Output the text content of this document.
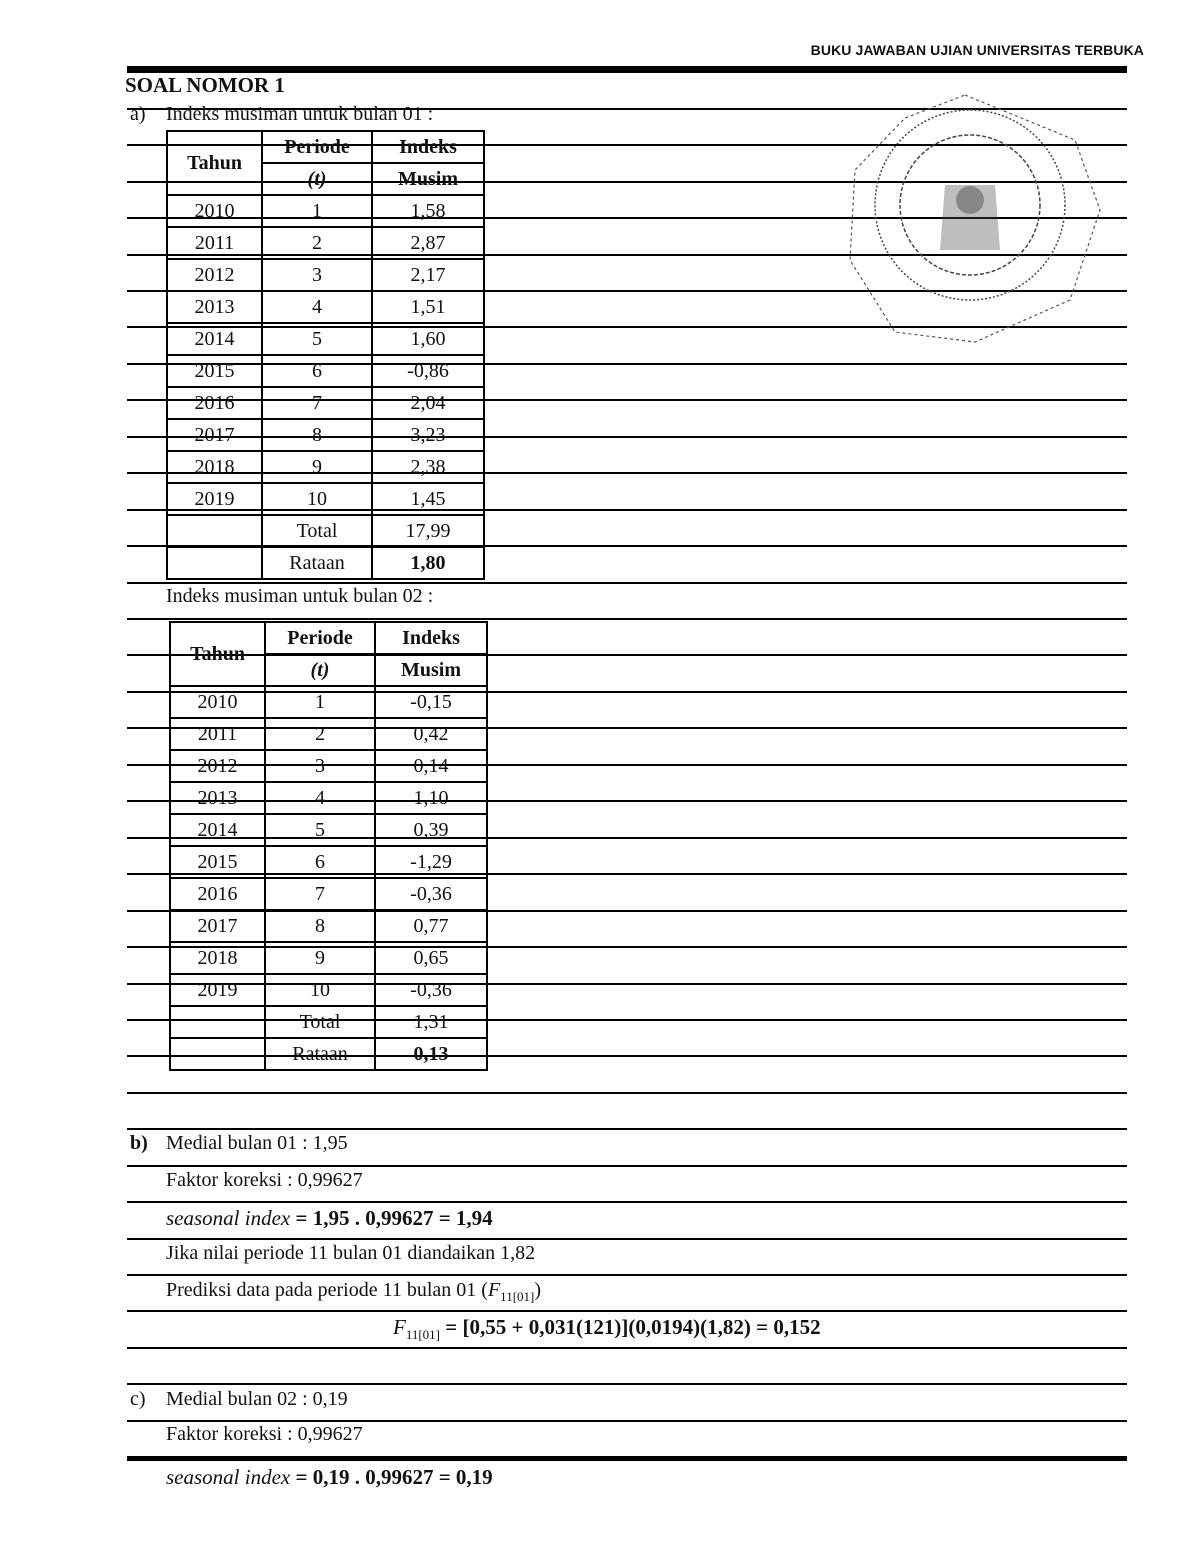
BUKU JAWABAN UJIAN UNIVERSITAS TERBUKA
SOAL NOMOR 1
a) Indeks musiman untuk bulan 01 :
Tahun	Periode	Indeks
	(t)	Musim
2010	1	1,58
2011	2	2,87
2012	3	2,17
2013	4	1,51
2014	5	1,60
2015	6	-0,86
2016	7	2,04
2017	8	3,23
2018	9	2,38
2019	10	1,45
	Total	17,99
	Rataan	1,80
Indeks musiman untuk bulan 02 :
Tahun	Periode	Indeks
	(t)	Musim
2010	1	-0,15
2011	2	0,42
2012	3	0,14
2013	4	1,10
2014	5	0,39
2015	6	-1,29
2016	7	-0,36
2017	8	0,77
2018	9	0,65
2019	10	-0,36
	Total	1,31
	Rataan	0,13
b) Medial bulan 01 : 1,95
Faktor koreksi : 0,99627
seasonal index = 1,95 . 0,99627 = 1,94
Jika nilai periode 11 bulan 01 diandaikan 1,82
Prediksi data pada periode 11 bulan 01 $(F_{11[01]})$
$F_{11[01]} = [0,55 + 0,031(121)](0,0194)(1,82) = 0,152$
c) Medial bulan 02 : 0,19
Faktor koreksi : 0,99627
seasonal index = 0,19 . 0,99627 = 0,19
